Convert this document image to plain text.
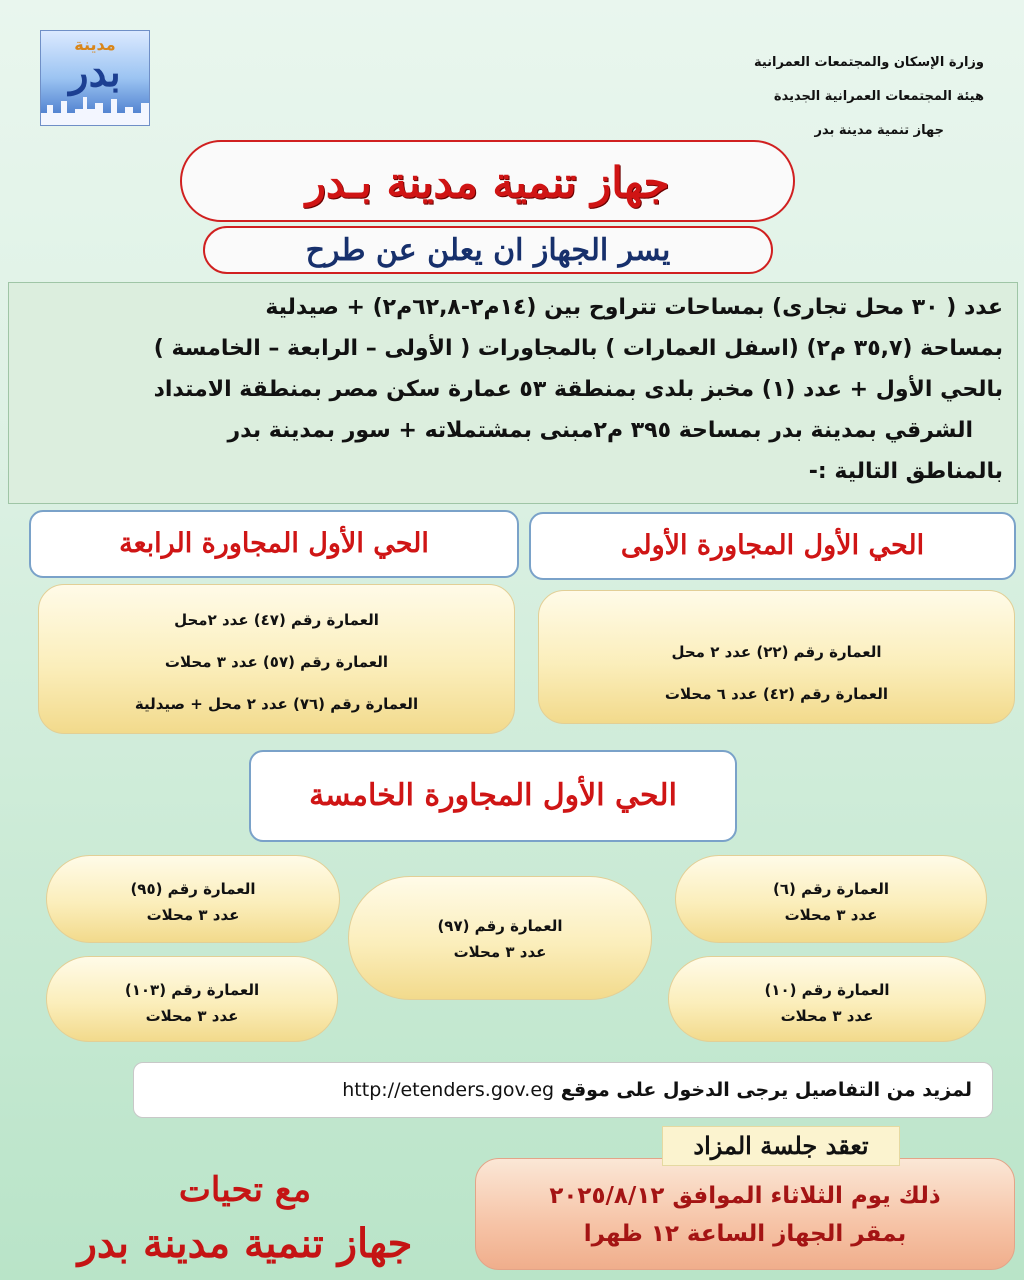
مدينة
بدر	وزارة الإسكان والمجتمعات العمرانية
هيئة المجتمعات العمرانية الجديدة
جهاز تنمية مدينة بدر
جهاز تنمية مدينة بـدر
يسر الجهاز ان يعلن عن طرح

عدد ( ٣٠ محل تجارى) بمساحات تتراوح بين (١٤م٢-٦٢,٨م٢) + صيدلية

بمساحة (٣٥,٧ م٢) (اسفل العمارات ) بالمجاورات ( الأولى – الرابعة – الخامسة )

بالحي الأول + عدد (١) مخبز بلدى بمنطقة ٥٣ عمارة سكن مصر بمنطقة الامتداد

الشرقي بمدينة بدر بمساحة ٣٩٥ م٢مبنى بمشتملاته + سور بمدينة بدر

بالمناطق التالية :-

الحي الأول المجاورة الأولى
الحي الأول المجاورة الرابعة
العمارة رقم (٢٢) عدد ٢ محل
العمارة رقم (٤٢) عدد ٦ محلات
العمارة رقم (٤٧) عدد ٢محل
العمارة رقم (٥٧) عدد ٣ محلات
العمارة رقم (٧٦) عدد ٢ محل + صيدلية
الحي الأول المجاورة الخامسة
العمارة رقم (٦)
عدد ٣ محلات
العمارة رقم (١٠)
عدد ٣ محلات
العمارة رقم (٩٧)
عدد ٣ محلات
العمارة رقم (٩٥)
عدد ٣ محلات
العمارة رقم (١٠٣)
عدد ٣ محلات
لمزيد من التفاصيل يرجى الدخول على موقع http://etenders.gov.eg
ذلك يوم الثلاثاء الموافق ٢٠٢٥/٨/١٢
بمقر الجهاز الساعة ١٢ ظهرا
تعقد جلسة المزاد
مع تحيات
جهاز تنمية مدينة بدر
